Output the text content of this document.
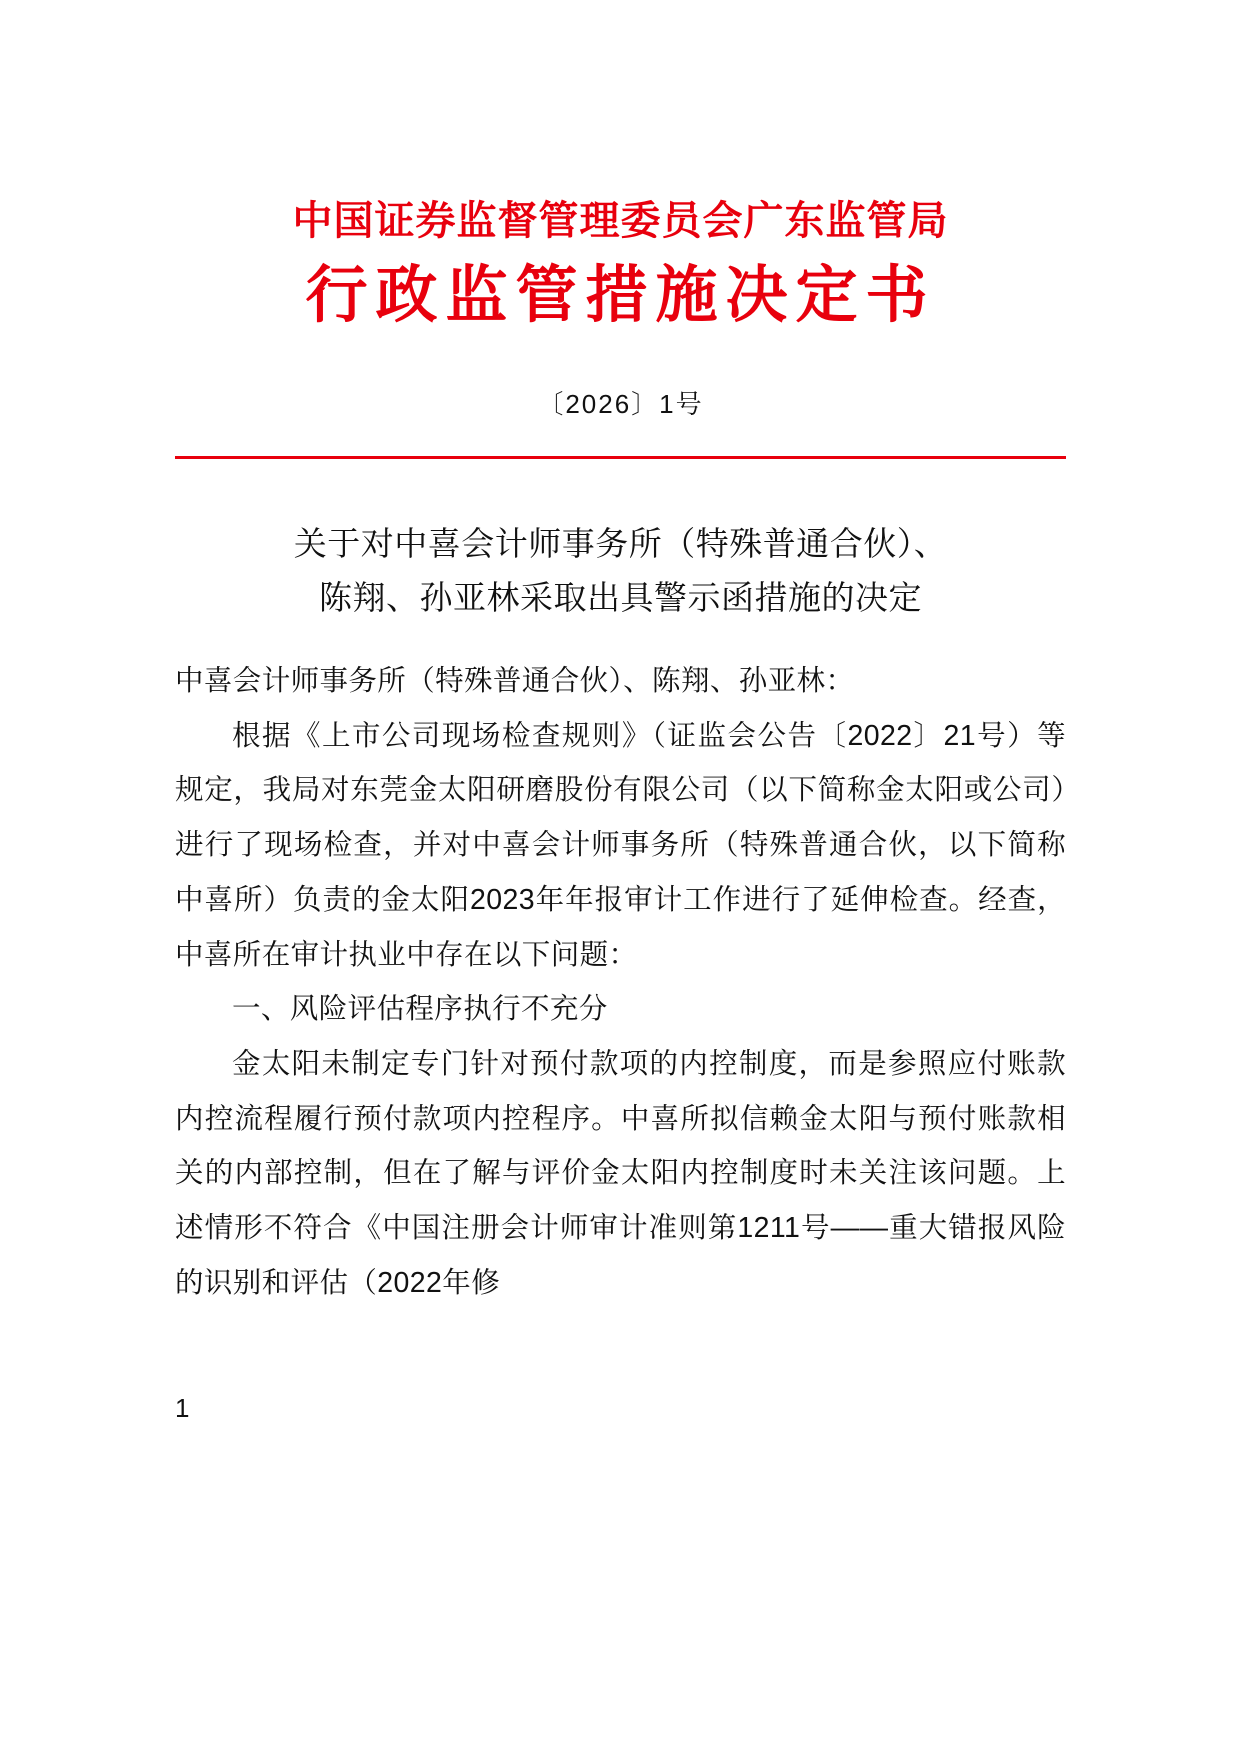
中国证券监督管理委员会广东监管局
行政监管措施决定书
〔2026〕1号
关于对中喜会计师事务所（特殊普通合伙）、
陈翔、孙亚林采取出具警示函措施的决定

中喜会计师事务所（特殊普通合伙）、陈翔、孙亚林：

根据《上市公司现场检查规则》（证监会公告〔2022〕21号）等规定，我局对东莞金太阳研磨股份有限公司（以下简称金太阳或公司）进行了现场检查，并对中喜会计师事务所（特殊普通合伙，以下简称中喜所）负责的金太阳2023年年报审计工作进行了延伸检查。经查，中喜所在审计执业中存在以下问题：

一、风险评估程序执行不充分

金太阳未制定专门针对预付款项的内控制度，而是参照应付账款内控流程履行预付款项内控程序。中喜所拟信赖金太阳与预付账款相关的内部控制，但在了解与评价金太阳内控制度时未关注该问题。上述情形不符合《中国注册会计师审计准则第1211号——重大错报风险的识别和评估（2022年修

1
